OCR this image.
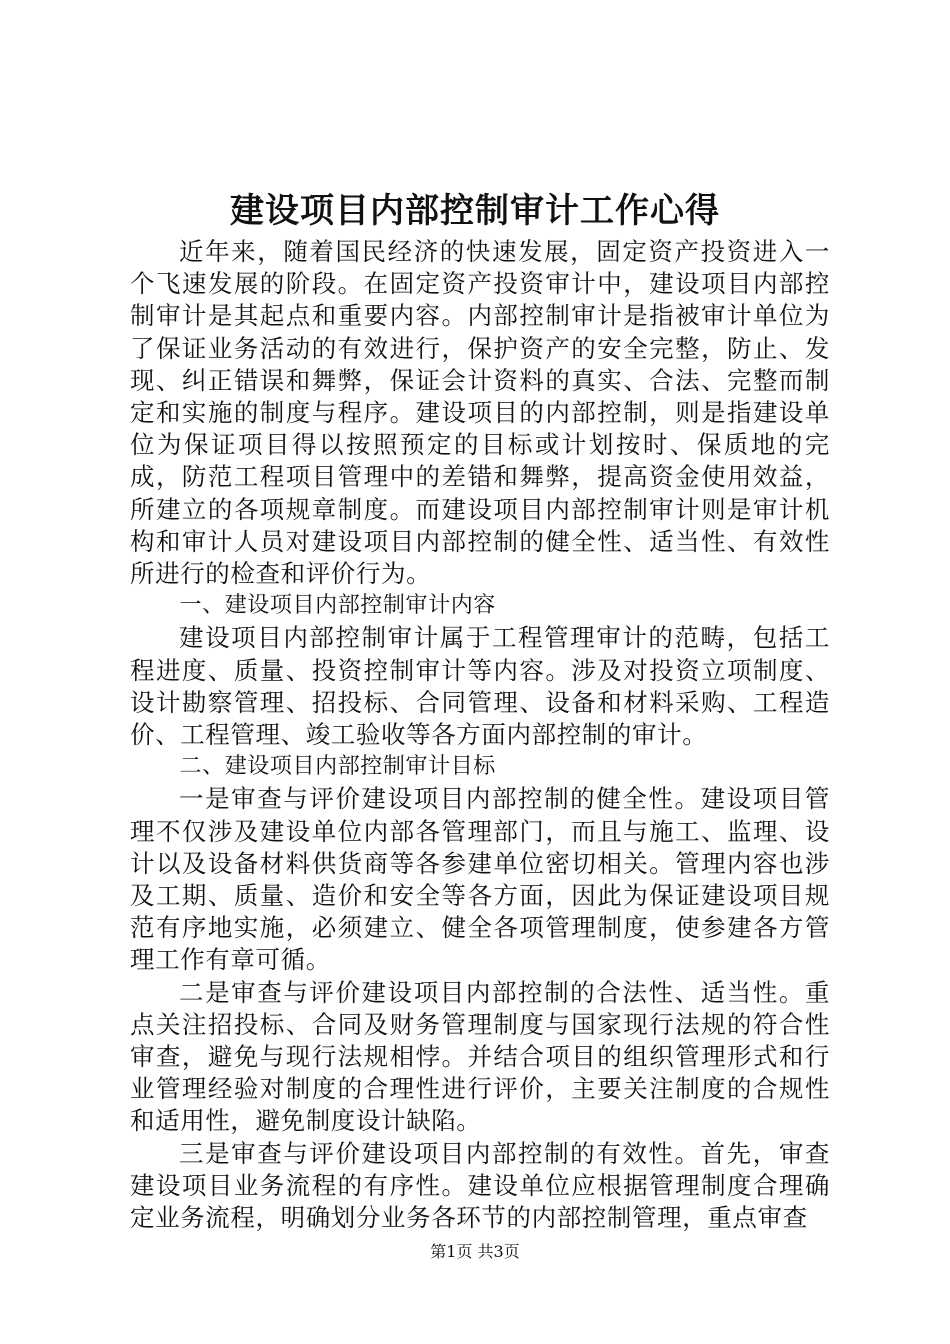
建设项目内部控制审计工作心得

近年来，随着国民经济的快速发展，固定资产投资进入一个飞速发展的阶段。在固定资产投资审计中，建设项目内部控制审计是其起点和重要内容。内部控制审计是指被审计单位为了保证业务活动的有效进行，保护资产的安全完整，防止、发现、纠正错误和舞弊，保证会计资料的真实、合法、完整而制定和实施的制度与程序。建设项目的内部控制，则是指建设单位为保证项目得以按照预定的目标或计划按时、保质地的完成，防范工程项目管理中的差错和舞弊，提高资金使用效益，所建立的各项规章制度。而建设项目内部控制审计则是审计机构和审计人员对建设项目内部控制的健全性、适当性、有效性所进行的检查和评价行为。

一、建设项目内部控制审计内容

建设项目内部控制审计属于工程管理审计的范畴，包括工程进度、质量、投资控制审计等内容。涉及对投资立项制度、设计勘察管理、招投标、合同管理、设备和材料采购、工程造价、工程管理、竣工验收等各方面内部控制的审计。

二、建设项目内部控制审计目标

一是审查与评价建设项目内部控制的健全性。建设项目管理不仅涉及建设单位内部各管理部门，而且与施工、监理、设计以及设备材料供货商等各参建单位密切相关。管理内容也涉及工期、质量、造价和安全等各方面，因此为保证建设项目规范有序地实施，必须建立、健全各项管理制度，使参建各方管理工作有章可循。

二是审查与评价建设项目内部控制的合法性、适当性。重点关注招投标、合同及财务管理制度与国家现行法规的符合性审查，避免与现行法规相悖。并结合项目的组织管理形式和行业管理经验对制度的合理性进行评价，主要关注制度的合规性和适用性，避免制度设计缺陷。

三是审查与评价建设项目内部控制的有效性。首先，审查建设项目业务流程的有序性。建设单位应根据管理制度合理确定业务流程，明确划分业务各环节的内部控制管理，重点审查

第1页 共3页
